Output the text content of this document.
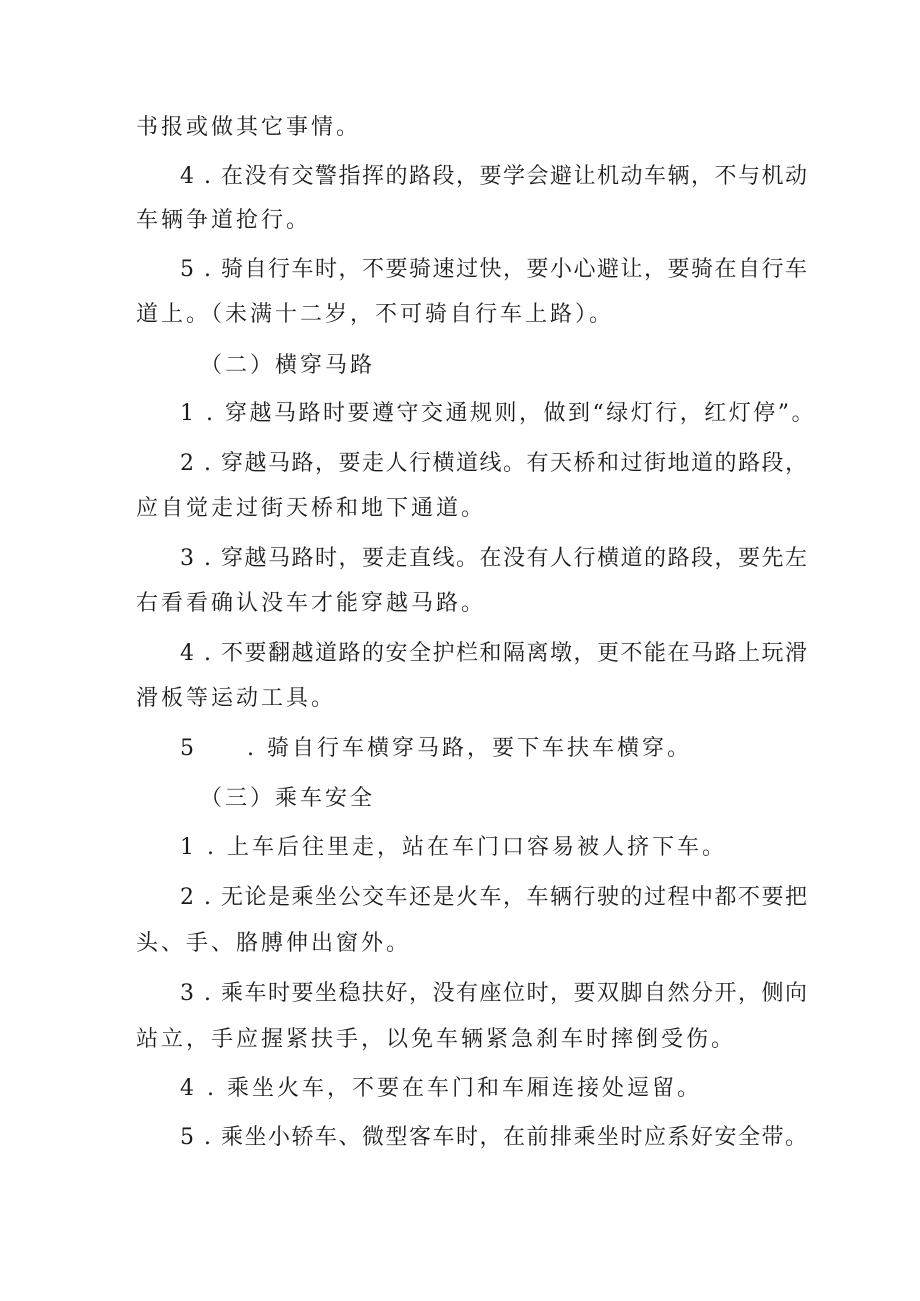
书报或做其它事情。
4 . 在没有交警指挥的路段，要学会避让机动车辆，不与机动
车辆争道抢行。
5 . 骑自行车时，不要骑速过快，要小心避让，要骑在自行车
道上。（未满十二岁，不可骑自行车上路）。
（二）横穿马路
1 . 穿越马路时要遵守交通规则，做到“绿灯行，红灯停”。
2 . 穿越马路，要走人行横道线。有天桥和过街地道的路段，
应自觉走过街天桥和地下通道。
3 . 穿越马路时，要走直线。在没有人行横道的路段，要先左
右看看确认没车才能穿越马路。
4 . 不要翻越道路的安全护栏和隔离墩，更不能在马路上玩滑
滑板等运动工具。
5 . 骑自行车横穿马路，要下车扶车横穿。
（三）乘车安全
1 . 上车后往里走，站在车门口容易被人挤下车。
2 . 无论是乘坐公交车还是火车，车辆行驶的过程中都不要把
头、手、胳膊伸出窗外。
3 . 乘车时要坐稳扶好，没有座位时，要双脚自然分开，侧向
站立，手应握紧扶手，以免车辆紧急刹车时摔倒受伤。
4 . 乘坐火车，不要在车门和车厢连接处逗留。
5 . 乘坐小轿车、微型客车时，在前排乘坐时应系好安全带。
